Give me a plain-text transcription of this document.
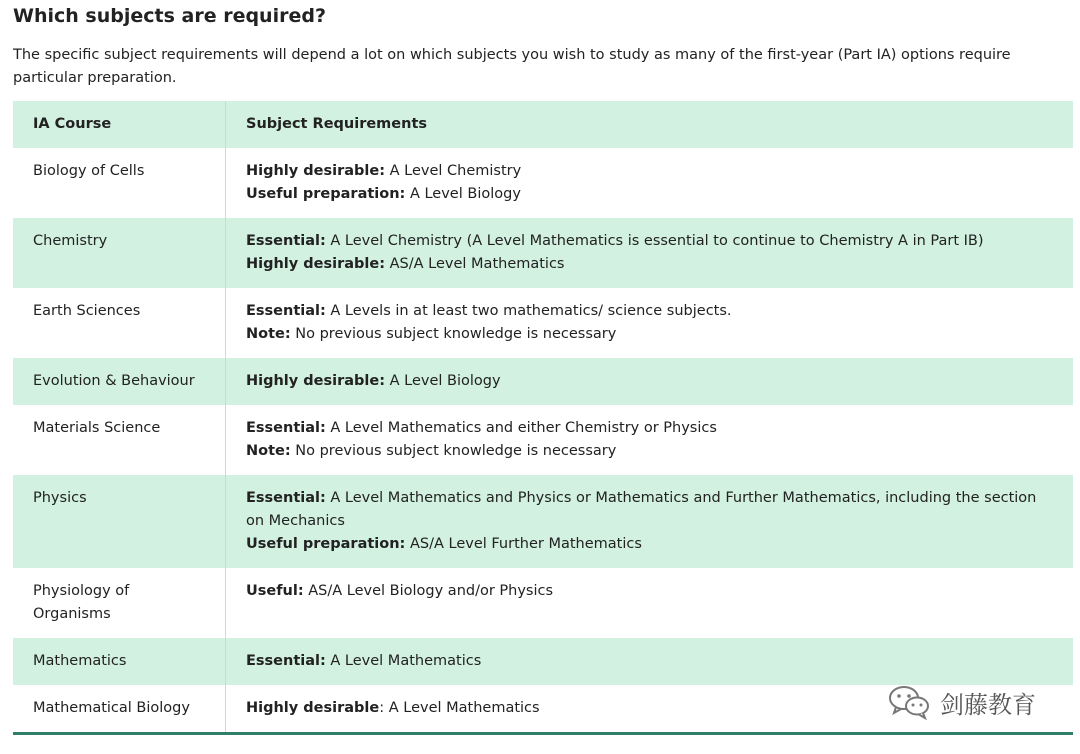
Which subjects are required?

The specific subject requirements will depend a lot on which subjects you wish to study as many of the first-year (Part IA) options require particular preparation.

IA Course	Subject Requirements
Biology of Cells	Highly desirable: A Level Chemistry
Useful preparation: A Level Biology

Chemistry	Essential: A Level Chemistry (A Level Mathematics is essential to continue to Chemistry A in Part IB)
Highly desirable: AS/A Level Mathematics

Earth Sciences	Essential: A Levels in at least two mathematics/ science subjects.
Note: No previous subject knowledge is necessary

Evolution & Behaviour	Highly desirable: A Level Biology

Materials Science	Essential: A Level Mathematics and either Chemistry or Physics
Note: No previous subject knowledge is necessary

Physics	Essential: A Level Mathematics and Physics or Mathematics and Further Mathematics, including the section on Mechanics
Useful preparation: AS/A Level Further Mathematics

Physiology of Organisms	Useful: AS/A Level Biology and/or Physics

Mathematics	Essential: A Level Mathematics

Mathematical Biology	Highly desirable: A Level Mathematics	剑藤教育
